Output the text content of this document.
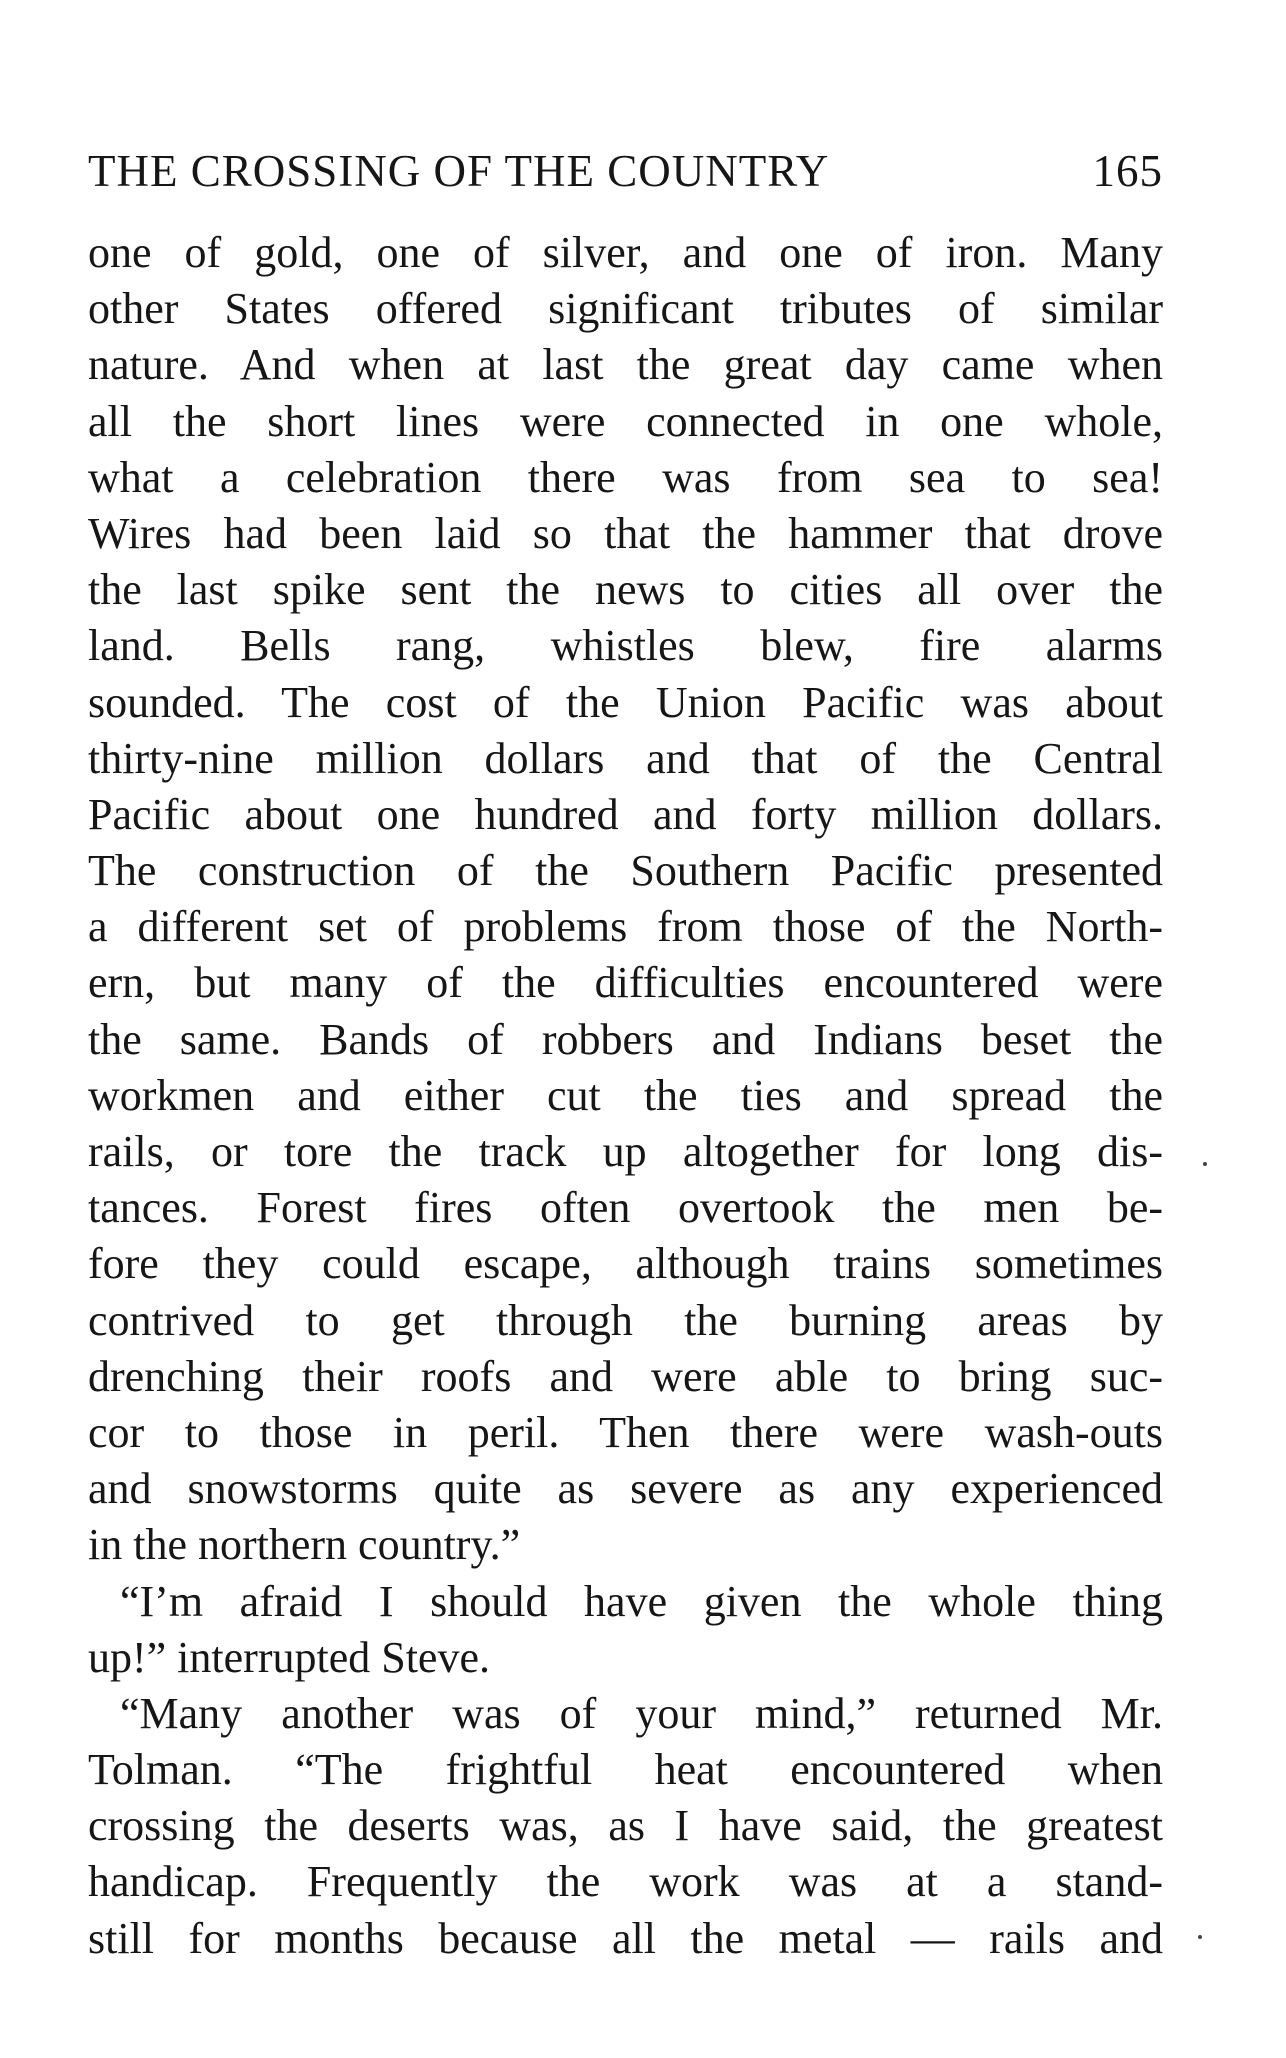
THE CROSSING OF THE COUNTRY	165
one of gold, one of silver, and one of iron. Many
other States offered significant tributes of similar
nature. And when at last the great day came when
all the short lines were connected in one whole,
what a celebration there was from sea to sea!
Wires had been laid so that the hammer that drove
the last spike sent the news to cities all over the
land. Bells rang, whistles blew, fire alarms
sounded. The cost of the Union Pacific was about
thirty-nine million dollars and that of the Central
Pacific about one hundred and forty million dollars.
The construction of the Southern Pacific presented
a different set of problems from those of the North-
ern, but many of the difficulties encountered were
the same. Bands of robbers and Indians beset the
workmen and either cut the ties and spread the
rails, or tore the track up altogether for long dis-
tances. Forest fires often overtook the men be-
fore they could escape, although trains sometimes
contrived to get through the burning areas by
drenching their roofs and were able to bring suc-
cor to those in peril. Then there were wash-outs
and snowstorms quite as severe as any experienced
in the northern country.”
“I’m afraid I should have given the whole thing
up!” interrupted Steve.
“Many another was of your mind,” returned Mr.
Tolman. “The frightful heat encountered when
crossing the deserts was, as I have said, the greatest
handicap. Frequently the work was at a stand-
still for months because all the metal — rails and
